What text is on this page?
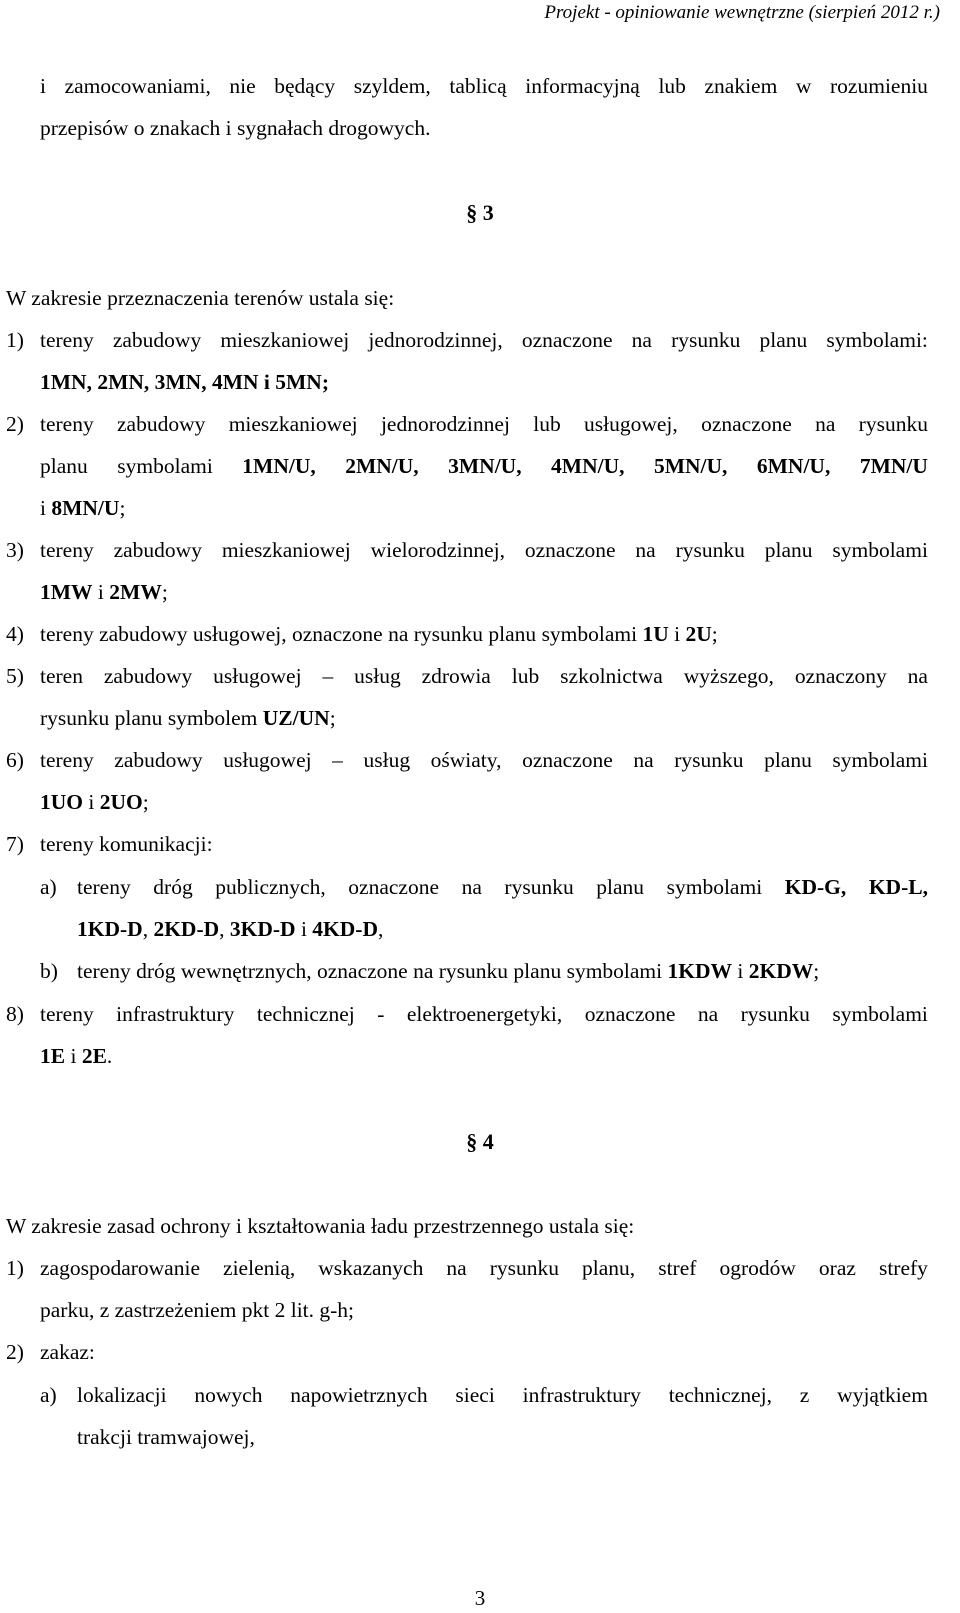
Projekt - opiniowanie wewnętrzne (sierpień 2012 r.)
i zamocowaniami, nie będący szyldem, tablicą informacyjną lub znakiem w rozumieniu
przepisów o znakach i sygnałach drogowych.
§ 3
W zakresie przeznaczenia terenów ustala się:
1) tereny zabudowy mieszkaniowej jednorodzinnej, oznaczone na rysunku planu symbolami:
1MN, 2MN, 3MN, 4MN i 5MN;
2) tereny zabudowy mieszkaniowej jednorodzinnej lub usługowej, oznaczone na rysunku
planu symbolami 1MN/U, 2MN/U, 3MN/U, 4MN/U, 5MN/U, 6MN/U, 7MN/U
i 8MN/U;
3) tereny zabudowy mieszkaniowej wielorodzinnej, oznaczone na rysunku planu symbolami
1MW i 2MW;
4) tereny zabudowy usługowej, oznaczone na rysunku planu symbolami 1U i 2U;
5) teren zabudowy usługowej – usług zdrowia lub szkolnictwa wyższego, oznaczony na
rysunku planu symbolem UZ/UN;
6) tereny zabudowy usługowej – usług oświaty, oznaczone na rysunku planu symbolami
1UO i 2UO;
7) tereny komunikacji:
a) tereny dróg publicznych, oznaczone na rysunku planu symbolami KD-G, KD-L,
1KD-D, 2KD-D, 3KD-D i 4KD-D,
b) tereny dróg wewnętrznych, oznaczone na rysunku planu symbolami 1KDW i 2KDW;
8) tereny infrastruktury technicznej - elektroenergetyki, oznaczone na rysunku symbolami
1E i 2E.
§ 4
W zakresie zasad ochrony i kształtowania ładu przestrzennego ustala się:
1) zagospodarowanie zielenią, wskazanych na rysunku planu, stref ogrodów oraz strefy
parku, z zastrzeżeniem pkt 2 lit. g-h;
2) zakaz:
a) lokalizacji nowych napowietrznych sieci infrastruktury technicznej, z wyjątkiem
trakcji tramwajowej,
3
